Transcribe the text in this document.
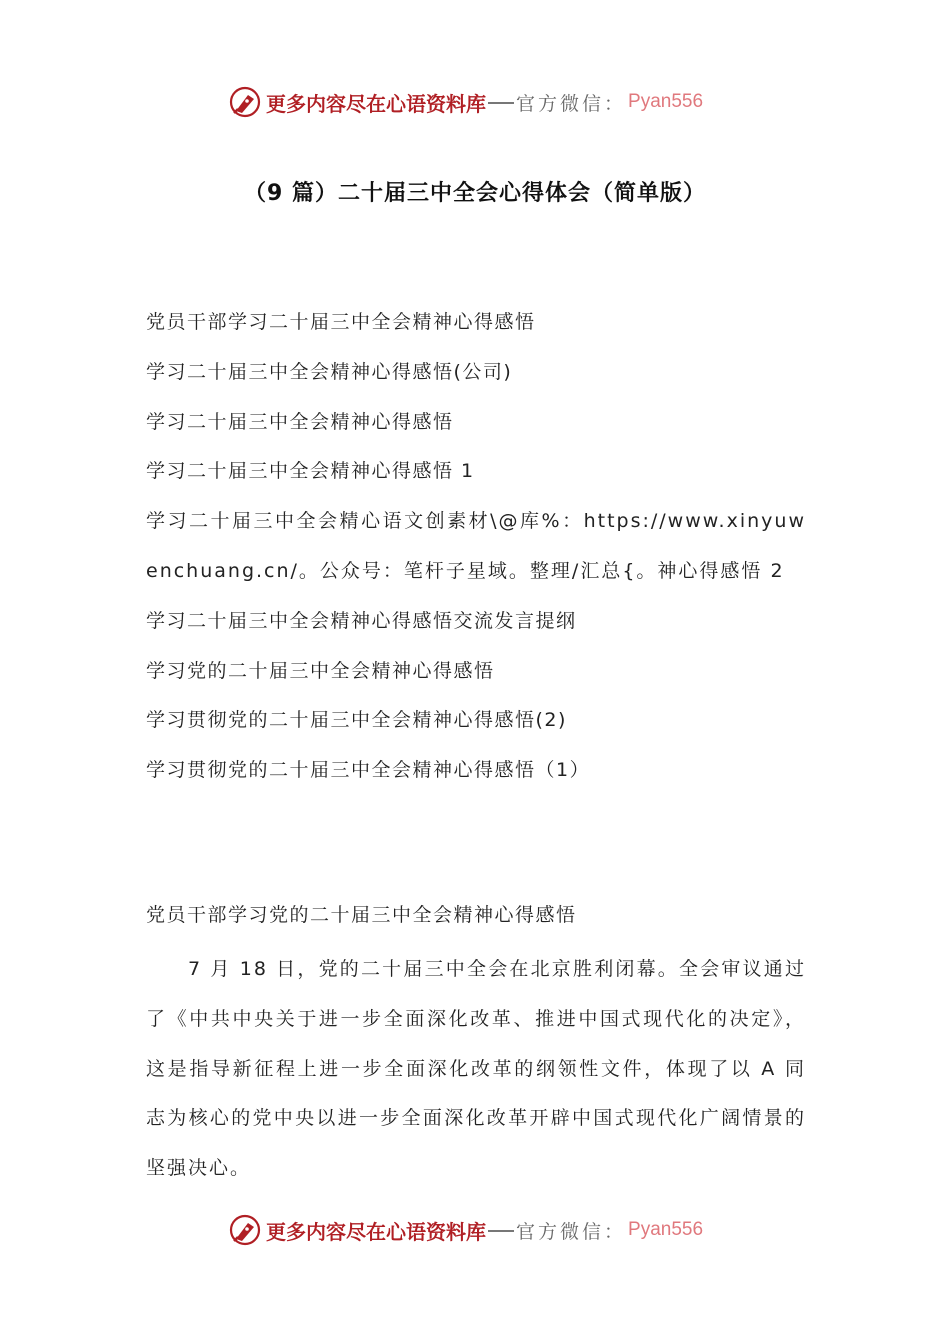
更多内容尽在心语资料库 官方微信： Pyan556
（9 篇）二十届三中全会心得体会（简单版）
党员干部学习二十届三中全会精神心得感悟
学习二十届三中全会精神心得感悟(公司)
学习二十届三中全会精神心得感悟
学习二十届三中全会精神心得感悟 1
学习二十届三中全会精心语文创素材\@库%：https://www.xinyuwenchuang.cn/。公众号：笔杆子星域。整理/汇总{。神心得感悟 2
学习二十届三中全会精神心得感悟交流发言提纲
学习党的二十届三中全会精神心得感悟
学习贯彻党的二十届三中全会精神心得感悟(2)
学习贯彻党的二十届三中全会精神心得感悟（1）
党员干部学习党的二十届三中全会精神心得感悟

7 月 18 日，党的二十届三中全会在北京胜利闭幕。全会审议通过了《中共中央关于进一步全面深化改革、推进中国式现代化的决定》，这是指导新征程上进一步全面深化改革的纲领性文件，体现了以 A 同志为核心的党中央以进一步全面深化改革开辟中国式现代化广阔情景的坚强决心。

更多内容尽在心语资料库 官方微信： Pyan556
